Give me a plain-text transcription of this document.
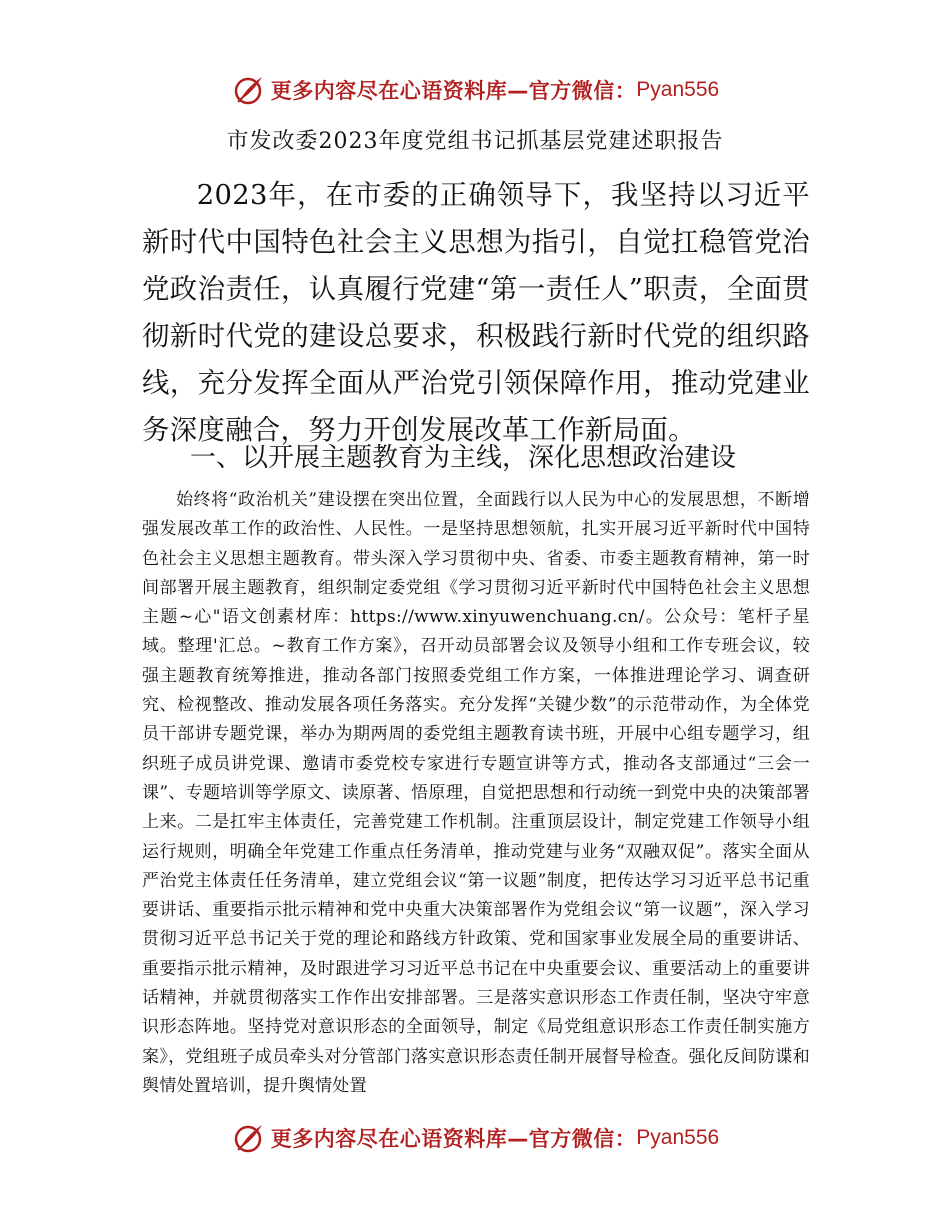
更多内容尽在心语资料库—官方微信： Pyan556
市发改委2023年度党组书记抓基层党建述职报告
2023年，在市委的正确领导下，我坚持以习近平新时代中国特色社会主义思想为指引，自觉扛稳管党治党政治责任，认真履行党建“第一责任人”职责，全面贯彻新时代党的建设总要求，积极践行新时代党的组织路线，充分发挥全面从严治党引领保障作用，推动党建业务深度融合，努力开创发展改革工作新局面。
一、以开展主题教育为主线，深化思想政治建设
始终将“政治机关”建设摆在突出位置，全面践行以人民为中心的发展思想，不断增强发展改革工作的政治性、人民性。一是坚持思想领航，扎实开展习近平新时代中国特色社会主义思想主题教育。带头深入学习贯彻中央、省委、市委主题教育精神，第一时间部署开展主题教育，组织制定委党组《学习贯彻习近平新时代中国特色社会主义思想主题~心"语文创素材库：https://www.xinyuwenchuang.cn/。公众号：笔杆子星域。整理'汇总。~教育工作方案》，召开动员部署会议及领导小组和工作专班会议，较强主题教育统筹推进，推动各部门按照委党组工作方案，一体推进理论学习、调查研究、检视整改、推动发展各项任务落实。充分发挥“关键少数”的示范带动作，为全体党员干部讲专题党课，举办为期两周的委党组主题教育读书班，开展中心组专题学习，组织班子成员讲党课、邀请市委党校专家进行专题宣讲等方式，推动各支部通过“三会一课”、专题培训等学原文、读原著、悟原理，自觉把思想和行动统一到党中央的决策部署上来。二是扛牢主体责任，完善党建工作机制。注重顶层设计，制定党建工作领导小组运行规则，明确全年党建工作重点任务清单，推动党建与业务“双融双促”。落实全面从严治党主体责任任务清单，建立党组会议“第一议题”制度，把传达学习习近平总书记重要讲话、重要指示批示精神和党中央重大决策部署作为党组会议“第一议题”，深入学习贯彻习近平总书记关于党的理论和路线方针政策、党和国家事业发展全局的重要讲话、重要指示批示精神，及时跟进学习习近平总书记在中央重要会议、重要活动上的重要讲话精神，并就贯彻落实工作作出安排部署。三是落实意识形态工作责任制，坚决守牢意识形态阵地。坚持党对意识形态的全面领导，制定《局党组意识形态工作责任制实施方案》，党组班子成员牵头对分管部门落实意识形态责任制开展督导检查。强化反间防谍和舆情处置培训，提升舆情处置
更多内容尽在心语资料库—官方微信： Pyan556
